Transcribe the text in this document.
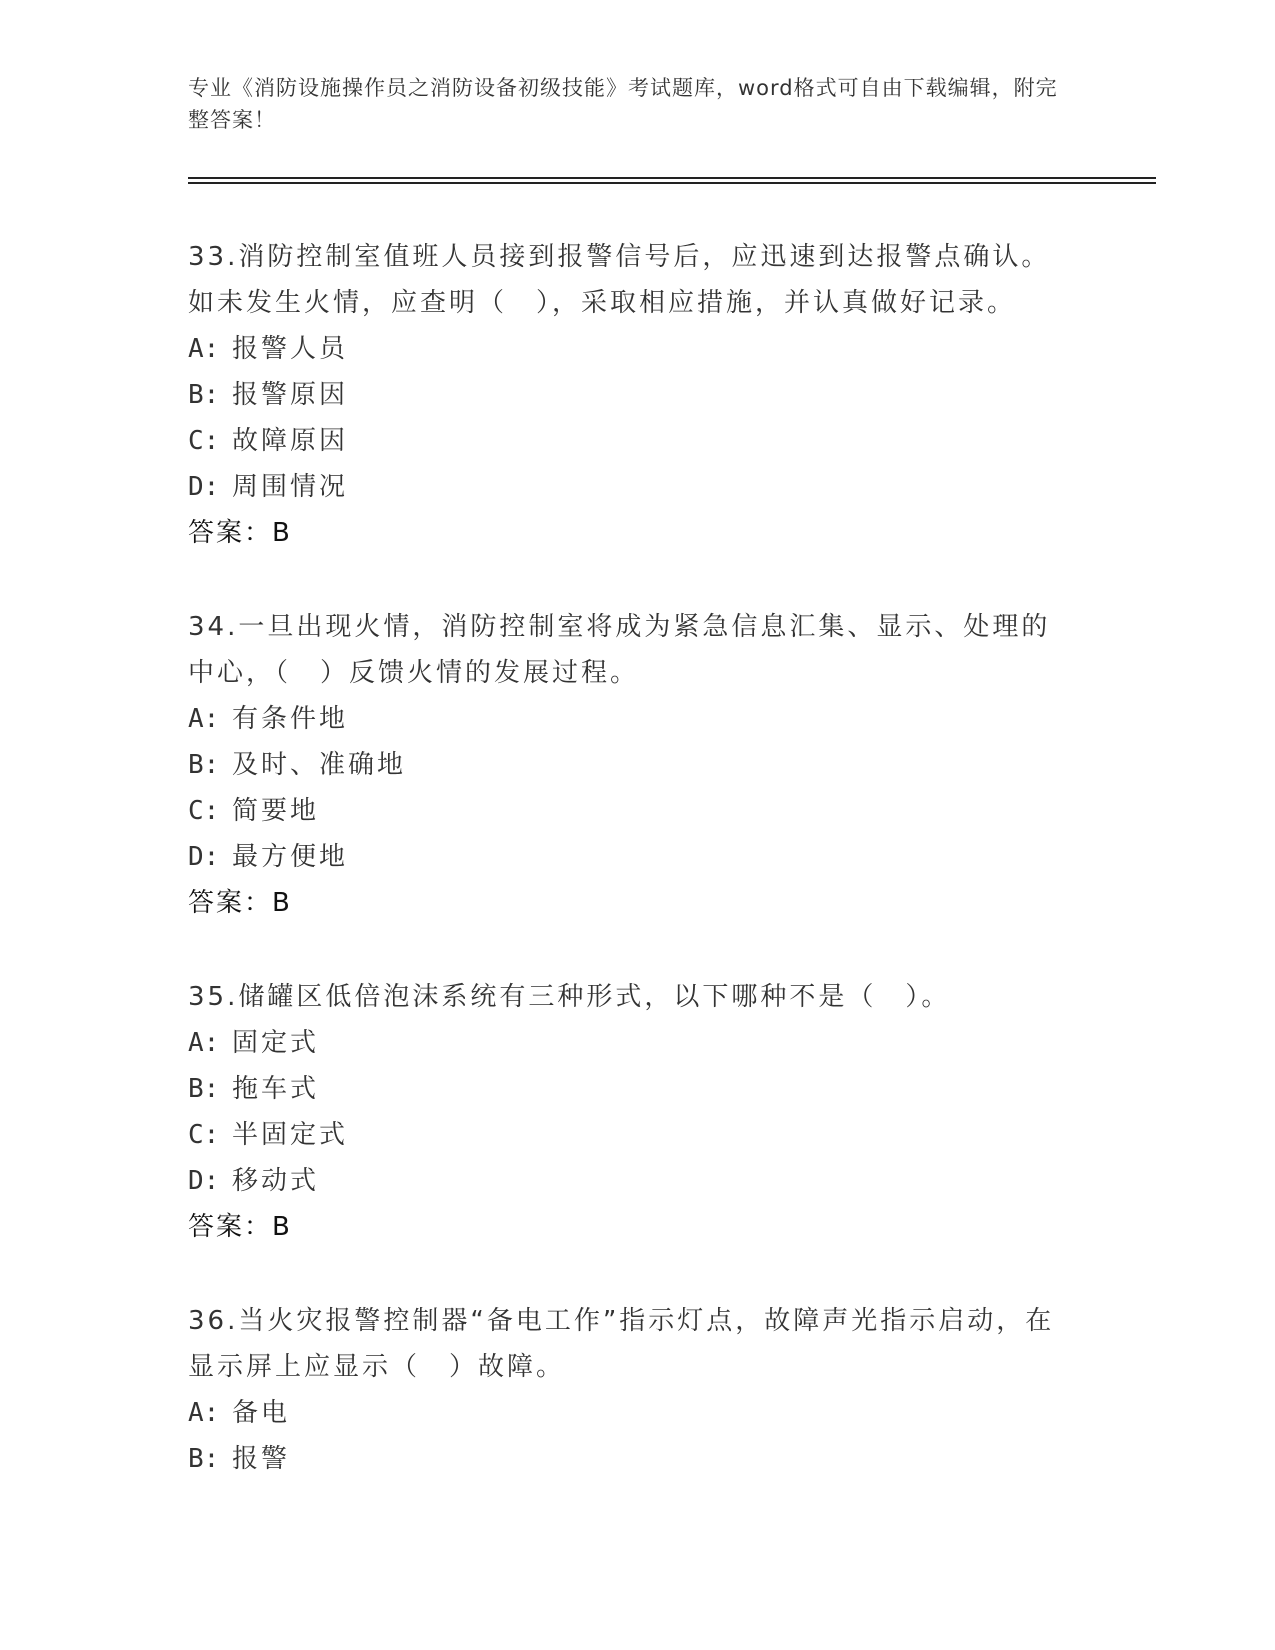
专业《消防设施操作员之消防设备初级技能》考试题库，word格式可自由下载编辑，附完整答案！
33.消防控制室值班人员接到报警信号后，应迅速到达报警点确认。如未发生火情，应查明（　），采取相应措施，并认真做好记录。
A: 报警人员
B: 报警原因
C: 故障原因
D: 周围情况
答案：B
34.一旦出现火情，消防控制室将成为紧急信息汇集、显示、处理的中心，（　）反馈火情的发展过程。
A: 有条件地
B: 及时、准确地
C: 简要地
D: 最方便地
答案：B
35.储罐区低倍泡沫系统有三种形式，以下哪种不是（　）。
A: 固定式
B: 拖车式
C: 半固定式
D: 移动式
答案：B
36.当火灾报警控制器“备电工作”指示灯点，故障声光指示启动，在显示屏上应显示（　）故障。
A: 备电
B: 报警
